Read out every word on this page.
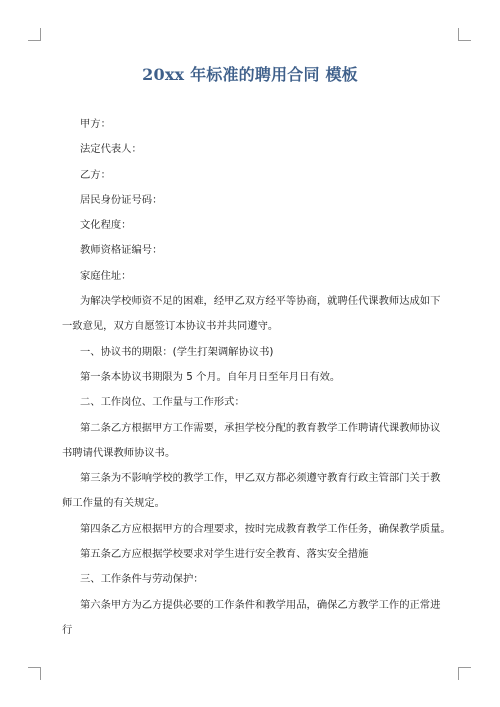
20xx 年标准的聘用合同 模板

甲方：

法定代表人：

乙方：

居民身份证号码：

文化程度：

教师资格证编号：

家庭住址：

为解决学校师资不足的困难，经甲乙双方经平等协商，就聘任代课教师达成如下

一致意见，双方自愿签订本协议书并共同遵守。

一、协议书的期限：(学生打架调解协议书)

第一条本协议书期限为 5 个月。自年月日至年月日有效。

二、工作岗位、工作量与工作形式：

第二条乙方根据甲方工作需要，承担学校分配的教育教学工作聘请代课教师协议

书聘请代课教师协议书。

第三条为不影响学校的教学工作，甲乙双方都必须遵守教育行政主管部门关于教

师工作量的有关规定。

第四条乙方应根据甲方的合理要求，按时完成教育教学工作任务，确保教学质量。

第五条乙方应根据学校要求对学生进行安全教育、落实安全措施

三、工作条件与劳动保护：

第六条甲方为乙方提供必要的工作条件和教学用品，确保乙方教学工作的正常进

行
